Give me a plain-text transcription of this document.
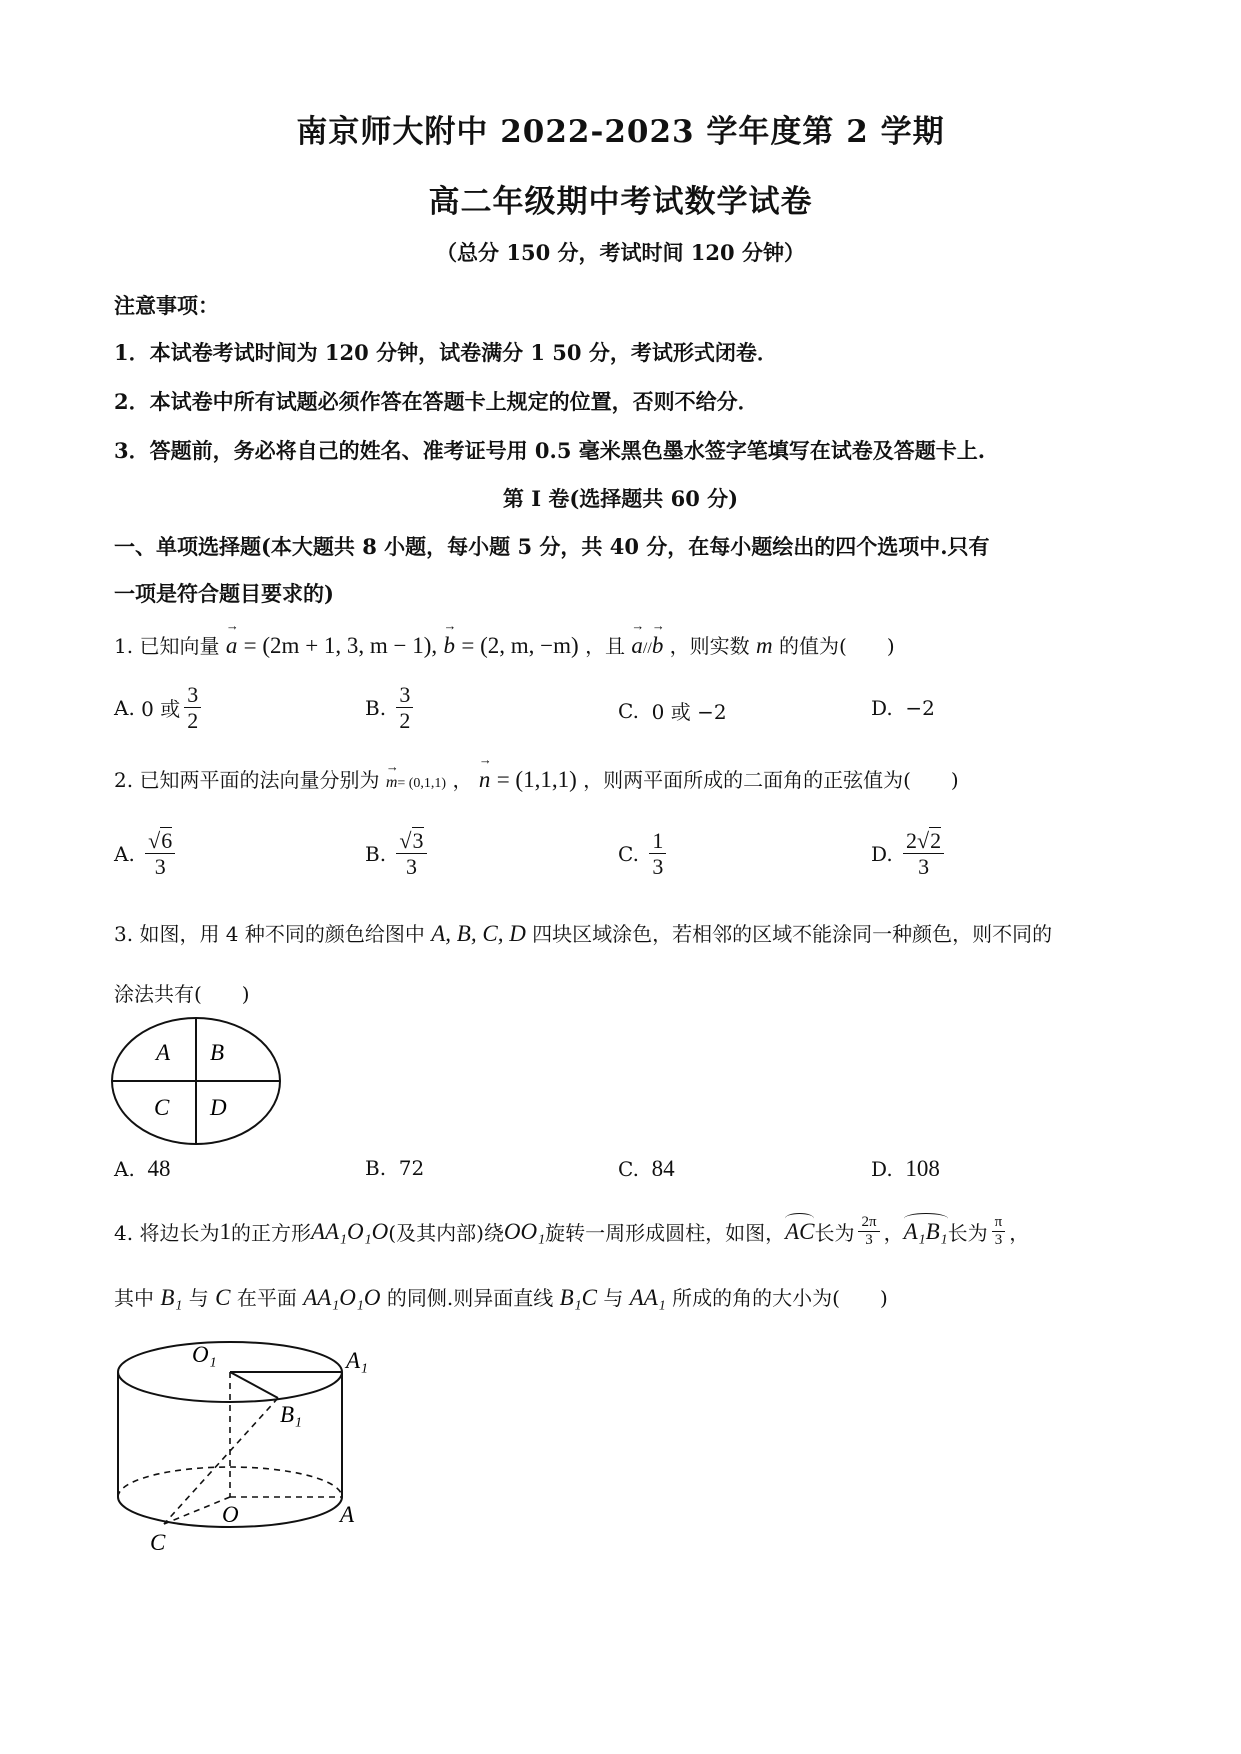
南京师大附中 2022-2023 学年度第 2 学期
高二年级期中考试数学试卷
（总分 150 分，考试时间 120 分钟）
注意事项：
1．本试卷考试时间为 120 分钟，试卷满分 1 50 分，考试形式闭卷．
2．本试卷中所有试题必须作答在答题卡上规定的位置，否则不给分．
3．答题前，务必将自己的姓名、准考证号用 0.5 毫米黑色墨水签字笔填写在试卷及答题卡上.
第 I 卷(选择题共 60 分)
一、单项选择题(本大题共 8 小题，每小题 5 分，共 40 分，在每小题绘出的四个选项中.只有
一项是符合题目要求的)
1. 已知向量 → a = (2m + 1, 3, m − 1), → b = (2, m, −m) ，且 → a//→ b ，则实数 m 的值为(　　)
A.
0 或 $\frac{3}{2}$	B.
$\frac{3}{2}$	C.
0 或 −2	D.
−2
2. 已知两平面的法向量分别为 → m= (0,1,1) ， → n = (1,1,1) ，则两平面所成的二面角的正弦值为(　　)
A.
$\frac{√6}{3}$	B.
$\frac{√3}{3}$	C.
$\frac{1}{3}$	D.
$\frac{2√2}{3}$
3. 如图，用 4 种不同的颜色给图中 A, B, C, D 四块区域涂色，若相邻的区域不能涂同一种颜色，则不同的
涂法共有(　　)
A B
C D
A.
48	B.
72	C.
84	D.
108
4. 将边长为 1 的正方形 AA₁O₁O (及其内部)绕 OO₁ 旋转一周形成圆柱，如图， AC 长为 $\frac{2\pi}{3}$ ， A₁B₁ 长为 $\frac{\pi}{3}$ ，
其中 B₁ 与 C 在平面 AA₁O₁O 的同侧.则异面直线 B₁C 与 AA₁ 所成的角的大小为(　　)
O₁	A₁
B₁
O	A
C
